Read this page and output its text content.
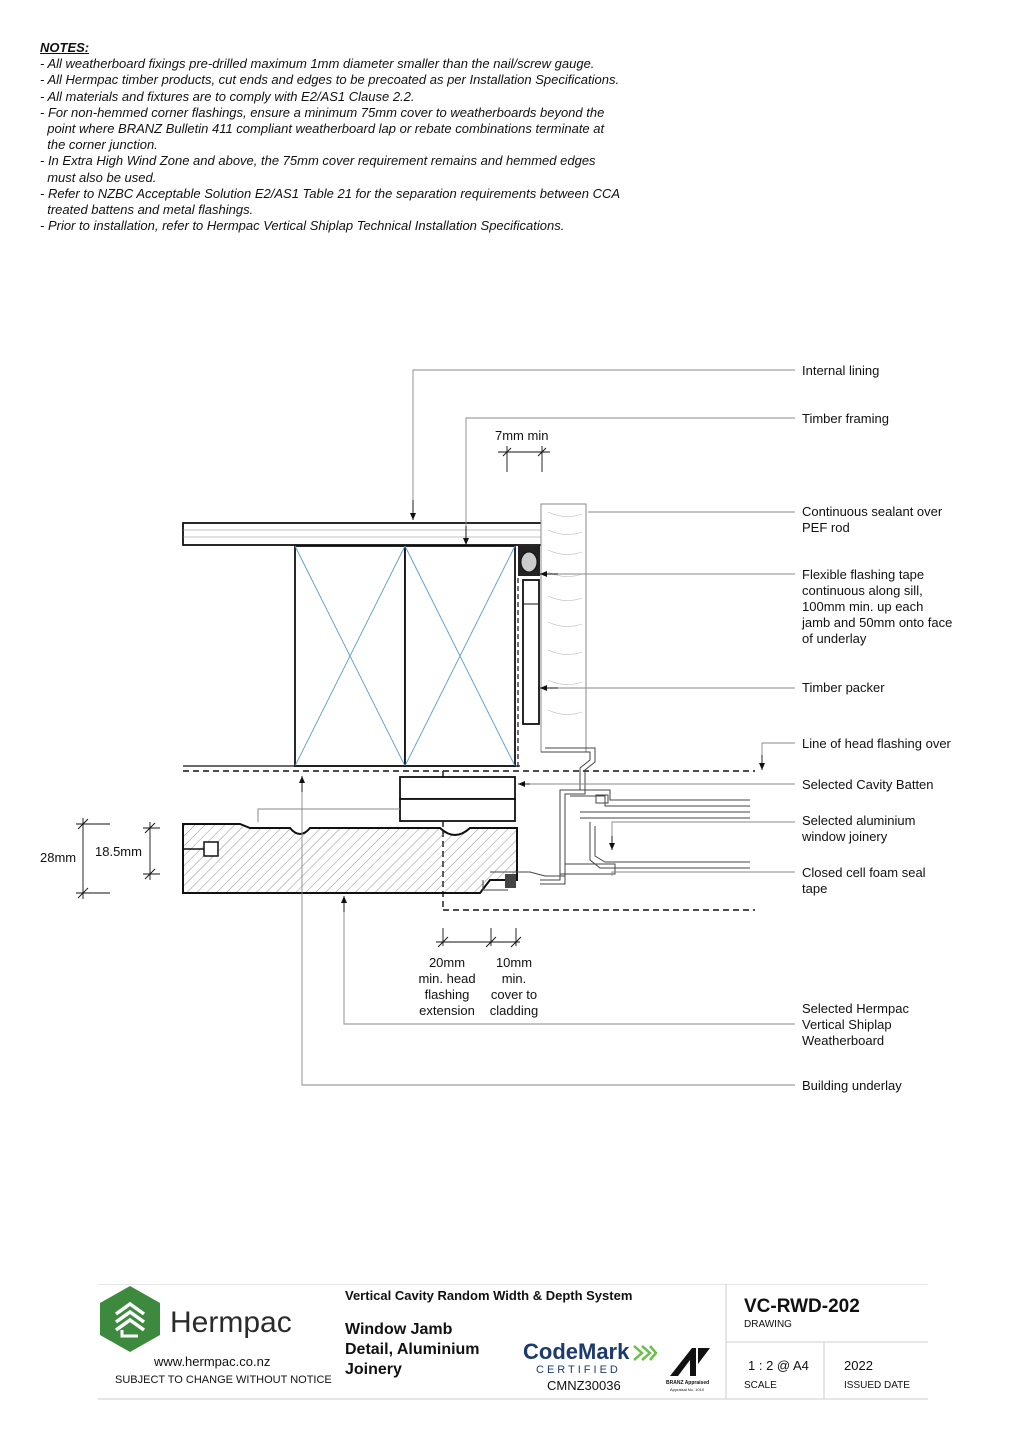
NOTES:
- All weatherboard fixings pre-drilled maximum 1mm diameter smaller than the nail/screw gauge.
- All Hermpac timber products, cut ends and edges to be precoated as per Installation Specifications.
- All materials and fixtures are to comply with E2/AS1 Clause 2.2.
- For non-hemmed corner flashings, ensure a minimum 75mm cover to weatherboards beyond the
point where BRANZ Bulletin 411 compliant weatherboard lap or rebate combinations terminate at
the corner junction.
- In Extra High Wind Zone and above, the 75mm cover requirement remains and hemmed edges
must also be used.
- Refer to NZBC Acceptable Solution E2/AS1 Table 21 for the separation requirements between CCA
treated battens and metal flashings.
- Prior to installation, refer to Hermpac Vertical Shiplap Technical Installation Specifications.
7mm min
28mm 18.5mm
20mm
min. head
flashing
extension
10mm
min.
cover to
cladding
Internal lining
Timber framing
Continuous sealant over
PEF rod
Flexible flashing tape
continuous along sill,
100mm min. up each
jamb and 50mm onto face
of underlay
Timber packer
Line of head flashing over
Selected Cavity Batten
Selected aluminium
window joinery
Closed cell foam seal
tape
Selected Hermpac
Vertical Shiplap
Weatherboard
Building underlay
Hermpac
www.hermpac.co.nz
SUBJECT TO CHANGE WITHOUT NOTICE
Vertical Cavity Random Width & Depth System
Window Jamb
Detail, Aluminium
Joinery
CodeMark
CERTIFIED
CMNZ30036	BRANZ Appraised
Appraisal No. 1010
VC-RWD-202
DRAWING
1 : 2 @ A4
SCALE
2022
ISSUED DATE
